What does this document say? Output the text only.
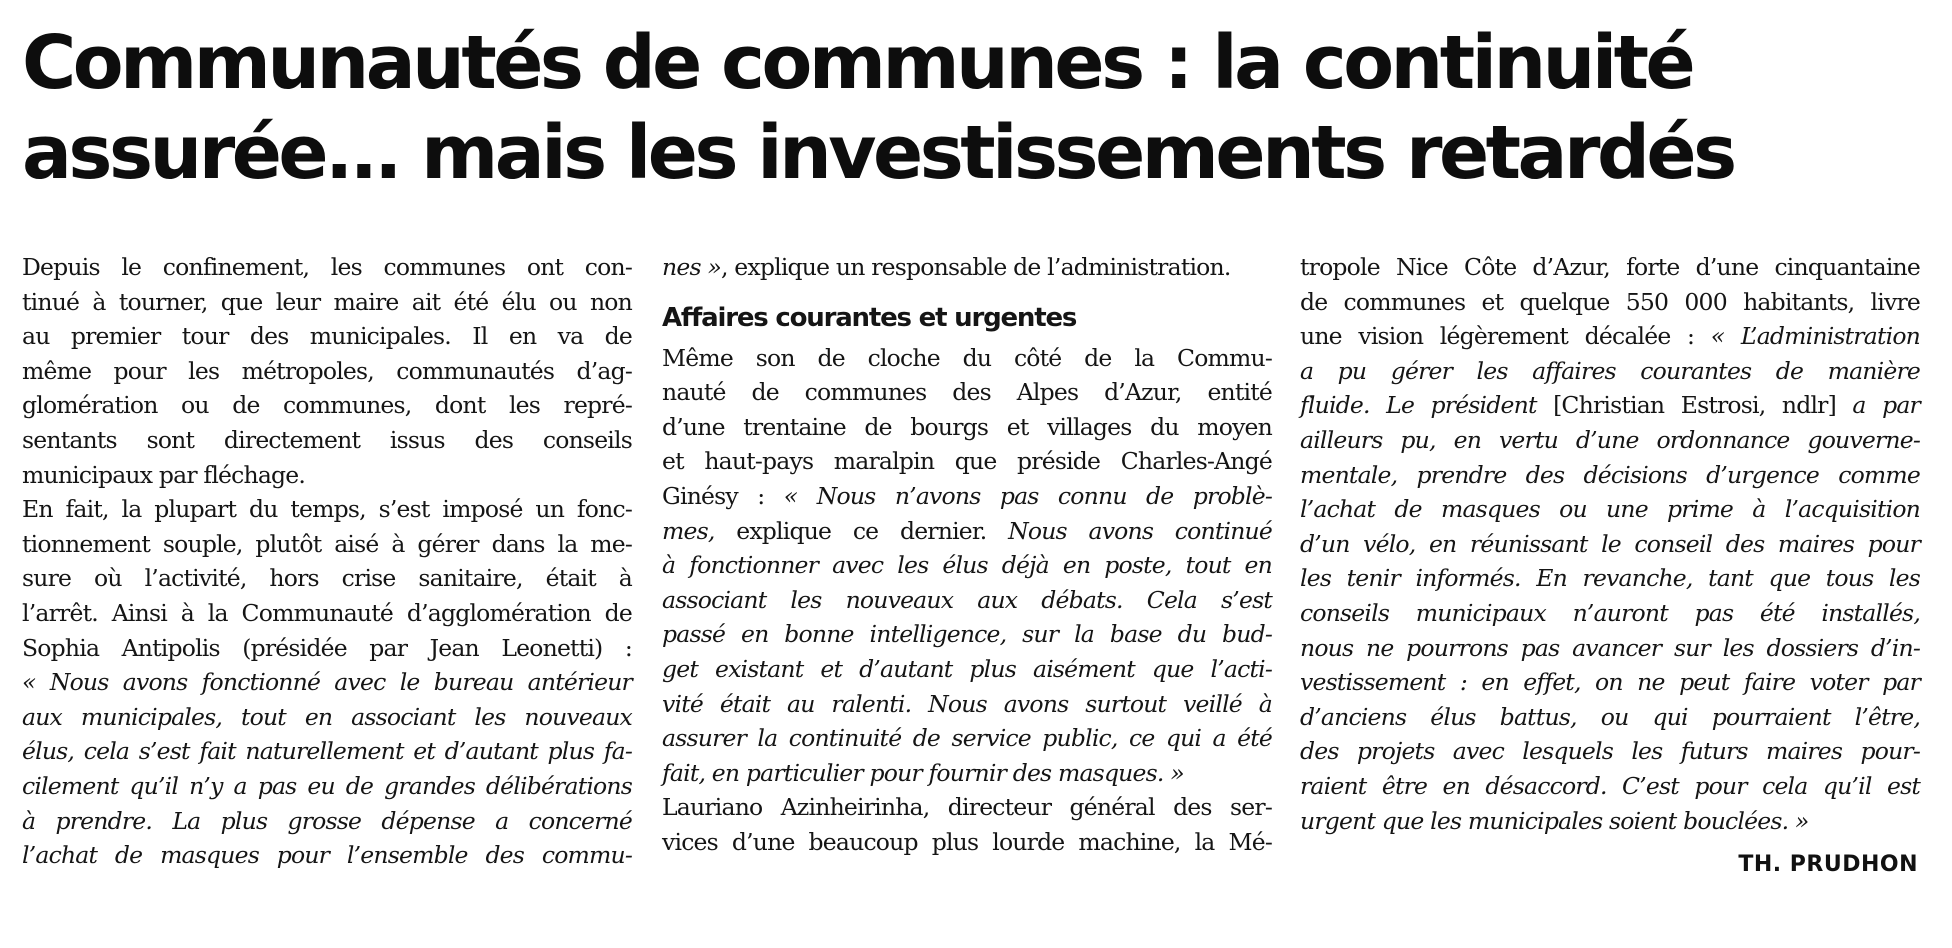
Communautés de communes : la continuité
assurée... mais les investissements retardés

Depuis le confinement, les communes ont con-
tinué à tourner, que leur maire ait été élu ou non
au premier tour des municipales. Il en va de
même pour les métropoles, communautés d’ag-
glomération ou de communes, dont les repré-
sentants sont directement issus des conseils
municipaux par fléchage.

En fait, la plupart du temps, s’est imposé un fonc-
tionnement souple, plutôt aisé à gérer dans la me-
sure où l’activité, hors crise sanitaire, était à
l’arrêt. Ainsi à la Communauté d’agglomération de
Sophia Antipolis (présidée par Jean Leonetti) :
« Nous avons fonctionné avec le bureau antérieur
aux municipales, tout en associant les nouveaux
élus, cela s’est fait naturellement et d’autant plus fa-
cilement qu’il n’y a pas eu de grandes délibérations
à prendre. La plus grosse dépense a concerné
l’achat de masques pour l’ensemble des commu-

nes », explique un responsable de l’administration.

Affaires courantes et urgentes

Même son de cloche du côté de la Commu-
nauté de communes des Alpes d’Azur, entité
d’une trentaine de bourgs et villages du moyen
et haut-pays maralpin que préside Charles-Angé
Ginésy : « Nous n’avons pas connu de problè-
mes, explique ce dernier. Nous avons continué
à fonctionner avec les élus déjà en poste, tout en
associant les nouveaux aux débats. Cela s’est
passé en bonne intelligence, sur la base du bud-
get existant et d’autant plus aisément que l’acti-
vité était au ralenti. Nous avons surtout veillé à
assurer la continuité de service public, ce qui a été
fait, en particulier pour fournir des masques. »

Lauriano Azinheirinha, directeur général des ser-
vices d’une beaucoup plus lourde machine, la Mé-

tropole Nice Côte d’Azur, forte d’une cinquantaine
de communes et quelque 550 000 habitants, livre
une vision légèrement décalée : « L’administration
a pu gérer les affaires courantes de manière
fluide. Le président [Christian Estrosi, ndlr] a par
ailleurs pu, en vertu d’une ordonnance gouverne-
mentale, prendre des décisions d’urgence comme
l’achat de masques ou une prime à l’acquisition
d’un vélo, en réunissant le conseil des maires pour
les tenir informés. En revanche, tant que tous les
conseils municipaux n’auront pas été installés,
nous ne pourrons pas avancer sur les dossiers d’in-
vestissement : en effet, on ne peut faire voter par
d’anciens élus battus, ou qui pourraient l’être,
des projets avec lesquels les futurs maires pour-
raient être en désaccord. C’est pour cela qu’il est
urgent que les municipales soient bouclées. »

TH. PRUDHON
